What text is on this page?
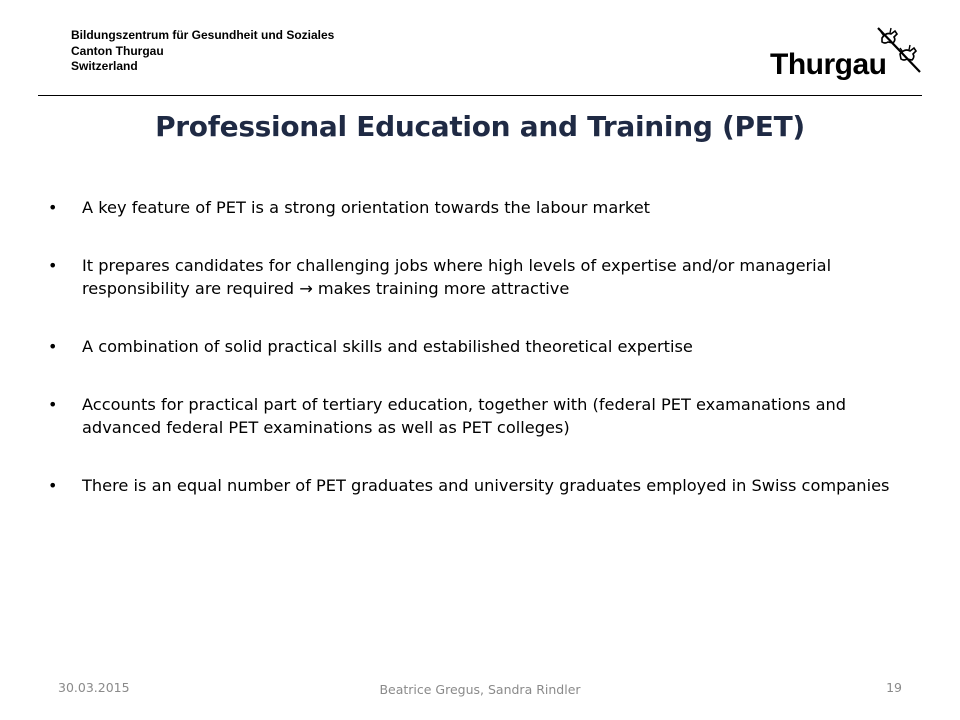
Bildungszentrum für Gesundheit und Soziales
Canton Thurgau
Switzerland	Thurgau
Professional Education and Training (PET)
• A key feature of PET is a strong orientation towards the labour market
• It prepares candidates for challenging jobs where high levels of expertise and/or managerial responsibility are required → makes training more attractive
• A combination of solid practical skills and estabilished theoretical expertise
• Accounts for practical part of tertiary education, together with (federal PET examanations and advanced federal PET examinations as well as PET colleges)
• There is an equal number of PET graduates and university graduates employed in Swiss companies
30.03.2015	Beatrice Gregus, Sandra Rindler	19
